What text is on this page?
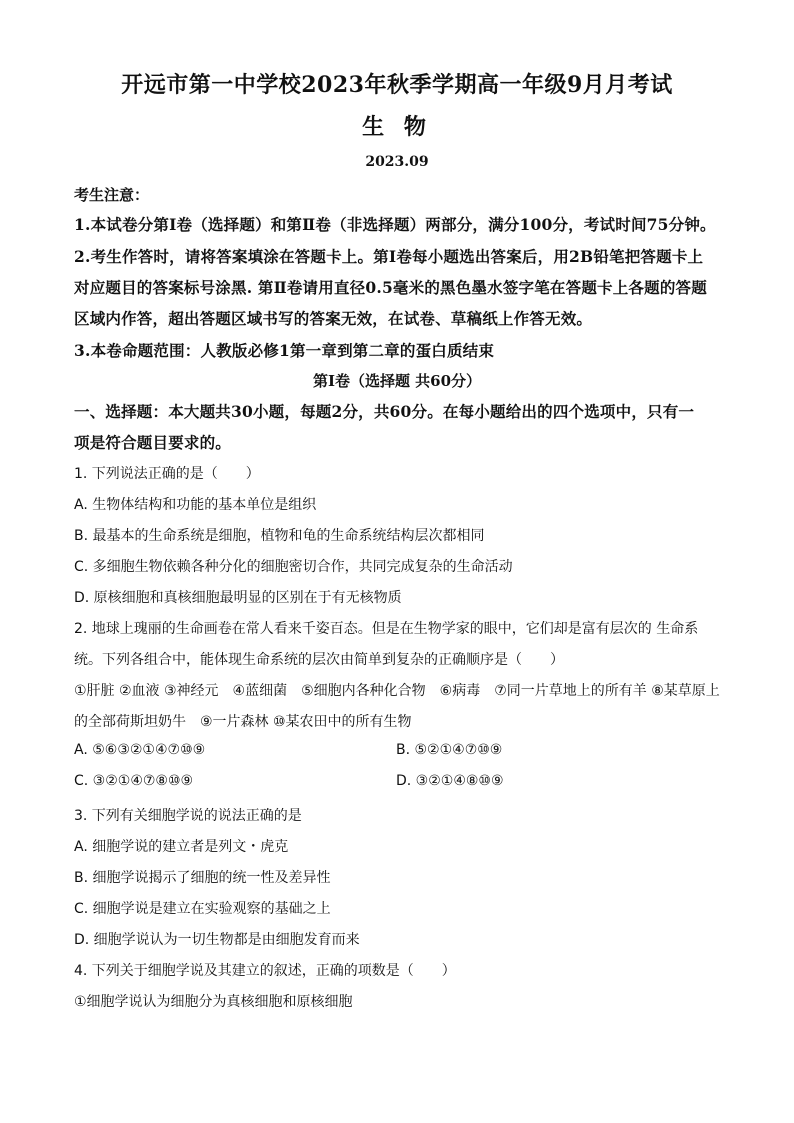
开远市第一中学校2023年秋季学期高一年级9月月考试
生 物
2023.09
考生注意：
1.本试卷分第Ⅰ卷（选择题）和第Ⅱ卷（非选择题）两部分，满分100分，考试时间75分钟。
2.考生作答时，请将答案填涂在答题卡上。第Ⅰ卷每小题选出答案后，用2B铅笔把答题卡上
对应题目的答案标号涂黑. 第Ⅱ卷请用直径0.5毫米的黑色墨水签字笔在答题卡上各题的答题
区域内作答，超出答题区域书写的答案无效，在试卷、草稿纸上作答无效。
3.本卷命题范围：人教版必修1第一章到第二章的蛋白质结束
第Ⅰ卷（选择题 共60分）
一、选择题：本大题共30小题，每题2分，共60分。在每小题给出的四个选项中，只有一
项是符合题目要求的。
1. 下列说法正确的是（　　）
A. 生物体结构和功能的基本单位是组织
B. 最基本的生命系统是细胞，植物和龟的生命系统结构层次都相同
C. 多细胞生物依赖各种分化的细胞密切合作，共同完成复杂的生命活动
D. 原核细胞和真核细胞最明显的区别在于有无核物质
2. 地球上瑰丽的生命画卷在常人看来千姿百态。但是在生物学家的眼中，它们却是富有层次的 生命系
统。下列各组合中，能体现生命系统的层次由简单到复杂的正确顺序是（　　）
①肝脏 ②血液 ③神经元　④蓝细菌　⑤细胞内各种化合物　⑥病毒　⑦同一片草地上的所有羊 ⑧某草原上
的全部荷斯坦奶牛　⑨一片森林 ⑩某农田中的所有生物
A. ⑤⑥③②①④⑦⑩⑨	B. ⑤②①④⑦⑩⑨
C. ③②①④⑦⑧⑩⑨	D. ③②①④⑧⑩⑨
3. 下列有关细胞学说的说法正确的是
A. 细胞学说的建立者是列文・虎克
B. 细胞学说揭示了细胞的统一性及差异性
C. 细胞学说是建立在实验观察的基础之上
D. 细胞学说认为一切生物都是由细胞发育而来
4. 下列关于细胞学说及其建立的叙述，正确的项数是（　　）
①细胞学说认为细胞分为真核细胞和原核细胞
